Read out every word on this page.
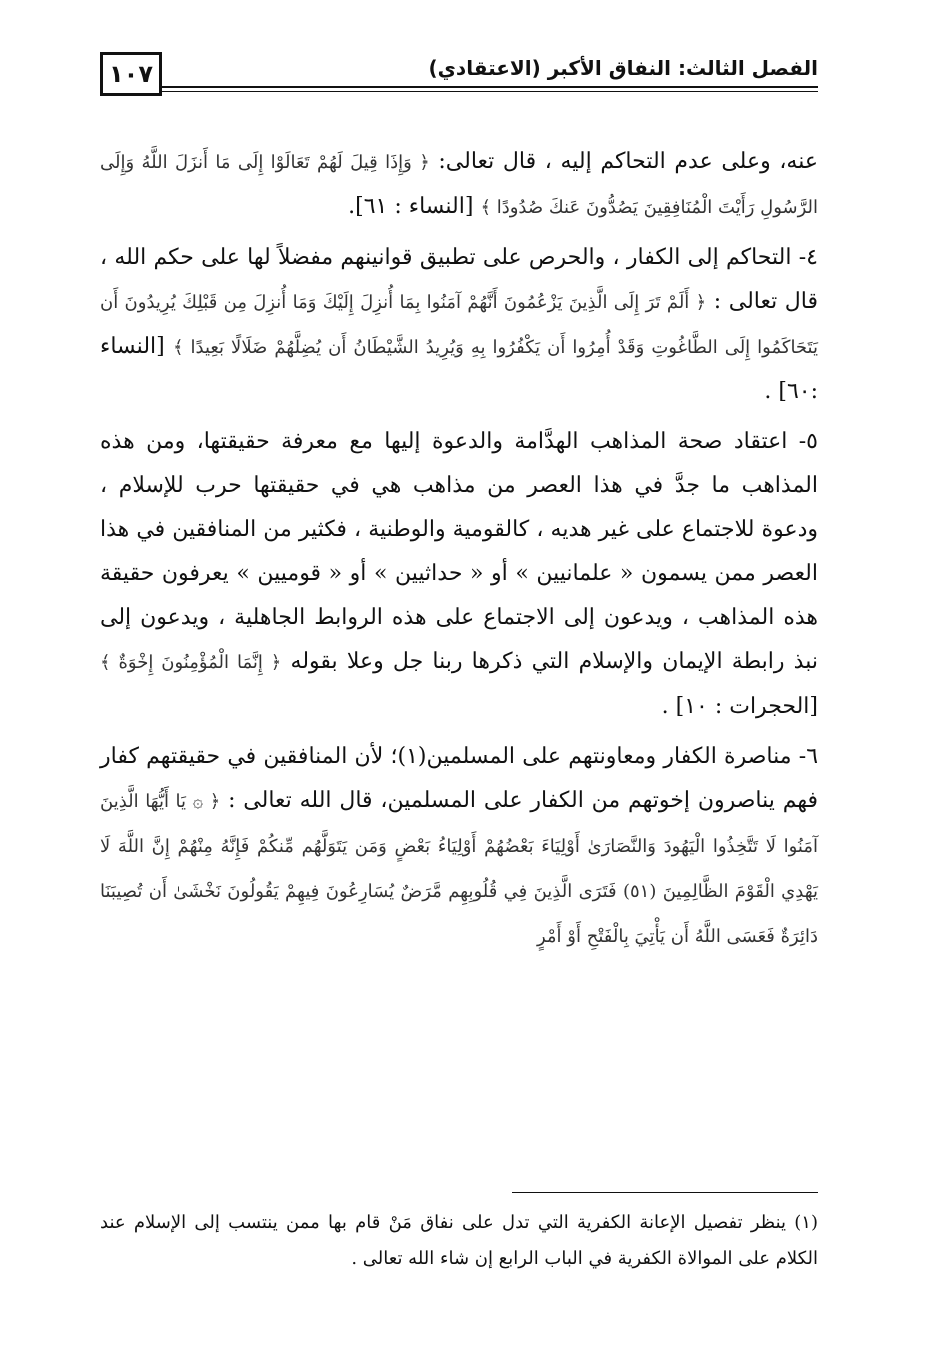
١٠٧	الفصل الثالث: النفاق الأكبر (الاعتقادي)

عنه، وعلى عدم التحاكم إليه ، قال تعالى: ﴿ وَإِذَا قِيلَ لَهُمْ تَعَالَوْا إِلَى مَا أَنزَلَ اللَّهُ وَإِلَى الرَّسُولِ رَأَيْتَ الْمُنَافِقِينَ يَصُدُّونَ عَنكَ صُدُودًا ﴾ [النساء : ٦١].

٤- التحاكم إلى الكفار ، والحرص على تطبيق قوانينهم مفضلاً لها على حكم الله ، قال تعالى : ﴿ أَلَمْ تَرَ إِلَى الَّذِينَ يَزْعُمُونَ أَنَّهُمْ آمَنُوا بِمَا أُنزِلَ إِلَيْكَ وَمَا أُنزِلَ مِن قَبْلِكَ يُرِيدُونَ أَن يَتَحَاكَمُوا إِلَى الطَّاغُوتِ وَقَدْ أُمِرُوا أَن يَكْفُرُوا بِهِ وَيُرِيدُ الشَّيْطَانُ أَن يُضِلَّهُمْ ضَلَالًا بَعِيدًا ﴾ [النساء :٦٠] .

٥- اعتقاد صحة المذاهب الهدَّامة والدعوة إليها مع معرفة حقيقتها، ومن هذه المذاهب ما جدَّ في هذا العصر من مذاهب هي في حقيقتها حرب للإسلام ، ودعوة للاجتماع على غير هديه ، كالقومية والوطنية ، فكثير من المنافقين في هذا العصر ممن يسمون « علمانيين » أو « حداثيين » أو « قوميين » يعرفون حقيقة هذه المذاهب ، ويدعون إلى الاجتماع على هذه الروابط الجاهلية ، ويدعون إلى نبذ رابطة الإيمان والإسلام التي ذكرها ربنا جل وعلا بقوله ﴿ إِنَّمَا الْمُؤْمِنُونَ إِخْوَةٌ ﴾ [الحجرات : ١٠] .

٦- مناصرة الكفار ومعاونتهم على المسلمين(١)؛ لأن المنافقين في حقيقتهم كفار فهم يناصرون إخوتهم من الكفار على المسلمين، قال الله تعالى : ﴿ ۞ يَا أَيُّهَا الَّذِينَ آمَنُوا لَا تَتَّخِذُوا الْيَهُودَ وَالنَّصَارَىٰ أَوْلِيَاءَ بَعْضُهُمْ أَوْلِيَاءُ بَعْضٍ وَمَن يَتَوَلَّهُم مِّنكُمْ فَإِنَّهُ مِنْهُمْ إِنَّ اللَّهَ لَا يَهْدِي الْقَوْمَ الظَّالِمِينَ (٥١) فَتَرَى الَّذِينَ فِي قُلُوبِهِم مَّرَضٌ يُسَارِعُونَ فِيهِمْ يَقُولُونَ نَخْشَىٰ أَن تُصِيبَنَا دَائِرَةٌ فَعَسَى اللَّهُ أَن يَأْتِيَ بِالْفَتْحِ أَوْ أَمْرٍ

(١) ينظر تفصيل الإعانة الكفرية التي تدل على نفاق مَنْ قام بها ممن ينتسب إلى الإسلام عند الكلام على الموالاة الكفرية في الباب الرابع إن شاء الله تعالى .
